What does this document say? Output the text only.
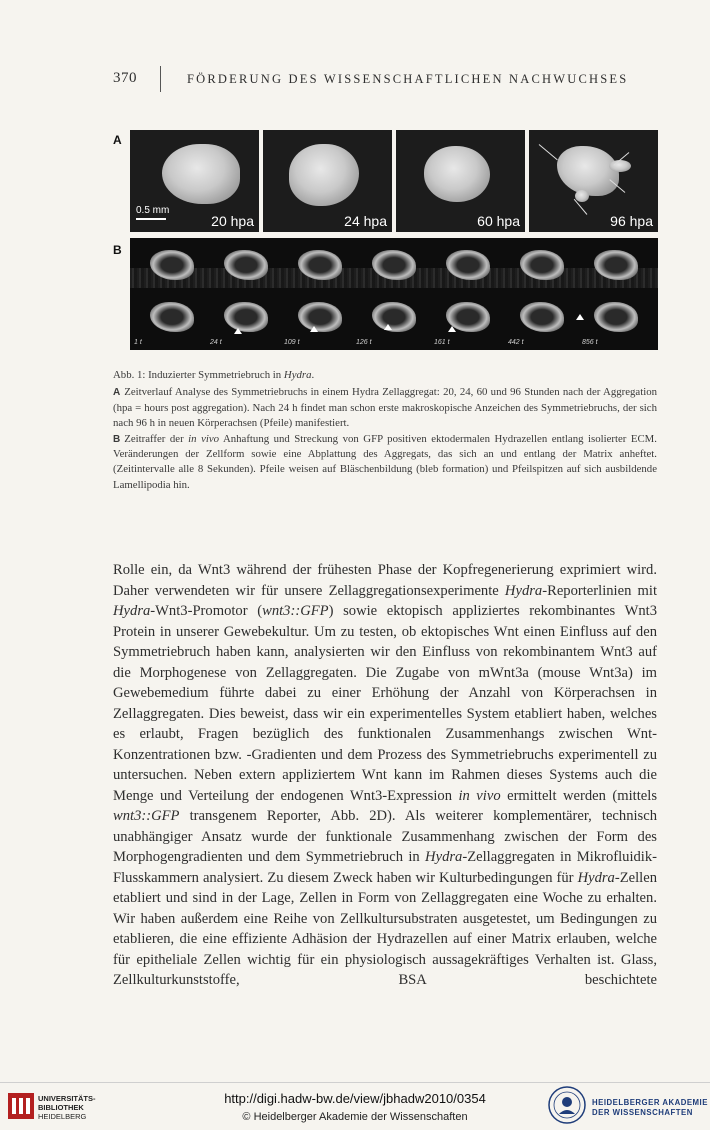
370	FÖRDERUNG DES WISSENSCHAFTLICHEN NACHWUCHSES
A
0.5 mm
20 hpa	24 hpa	60 hpa	96 hpa
B
1 t	24 t	109 t	126 t	161 t	442 t	856 t

Abb. 1: Induzierter Symmetriebruch in Hydra.

A Zeitverlauf Analyse des Symmetriebruchs in einem Hydra Zellaggregat: 20, 24, 60 und 96 Stunden nach der Aggregation (hpa = hours post aggregation). Nach 24 h findet man schon erste makroskopische Anzeichen des Symmetriebruchs, der sich nach 96 h in neuen Körperachsen (Pfeile) manifestiert.

B Zeitraffer der in vivo Anhaftung und Streckung von GFP positiven ektodermalen Hydrazellen entlang isolierter ECM. Veränderungen der Zellform sowie eine Abplattung des Aggregats, das sich an und entlang der Matrix anheftet. (Zeitintervalle alle 8 Sekunden). Pfeile weisen auf Bläschenbildung (bleb formation) und Pfeilspitzen auf sich ausbildende Lamellipodia hin.

Rolle ein, da Wnt3 während der frühesten Phase der Kopfregenerierung exprimiert wird. Daher verwendeten wir für unsere Zellaggregationsexperimente Hydra-Reporterlinien mit Hydra-Wnt3-Promotor (wnt3::GFP) sowie ektopisch appliziertes rekombinantes Wnt3 Protein in unserer Gewebekultur. Um zu testen, ob ektopisches Wnt einen Einfluss auf den Symmetriebruch haben kann, analysierten wir den Einfluss von rekombinantem Wnt3 auf die Morphogenese von Zellaggregaten. Die Zugabe von mWnt3a (mouse Wnt3a) im Gewebemedium führte dabei zu einer Erhöhung der Anzahl von Körperachsen in Zellaggregaten. Dies beweist, dass wir ein experimentelles System etabliert haben, welches es erlaubt, Fragen bezüglich des funktionalen Zusammenhangs zwischen Wnt-Konzentrationen bzw. -Gradienten und dem Prozess des Symmetriebruchs experimentell zu untersuchen. Neben extern appliziertem Wnt kann im Rahmen dieses Systems auch die Menge und Verteilung der endogenen Wnt3-Expression in vivo ermittelt werden (mittels wnt3::GFP transgenem Reporter, Abb. 2D). Als weiterer komplementärer, technisch unabhängiger Ansatz wurde der funktionale Zusammenhang zwischen der Form des Morphogengradienten und dem Symmetriebruch in Hydra-Zellaggregaten in Mikrofluidik-Flusskammern analysiert. Zu diesem Zweck haben wir Kulturbedingungen für Hydra-Zellen etabliert und sind in der Lage, Zellen in Form von Zellaggregaten eine Woche zu erhalten. Wir haben außerdem eine Reihe von Zellkultursubstraten ausgetestet, um Bedingungen zu etablieren, die eine effiziente Adhäsion der Hydrazellen auf einer Matrix erlauben, welche für epitheliale Zellen wichtig für ein physiologisch aussagekräftiges Verhalten ist. Glass, Zellkulturkunststoffe, BSA beschichtete

UNIVERSITÄTS-
BIBLIOTHEK
HEIDELBERG
http://digi.hadw-bw.de/view/jbhadw2010/0354
© Heidelberger Akademie der Wissenschaften
HEIDELBERGER AKADEMIE
DER WISSENSCHAFTEN
